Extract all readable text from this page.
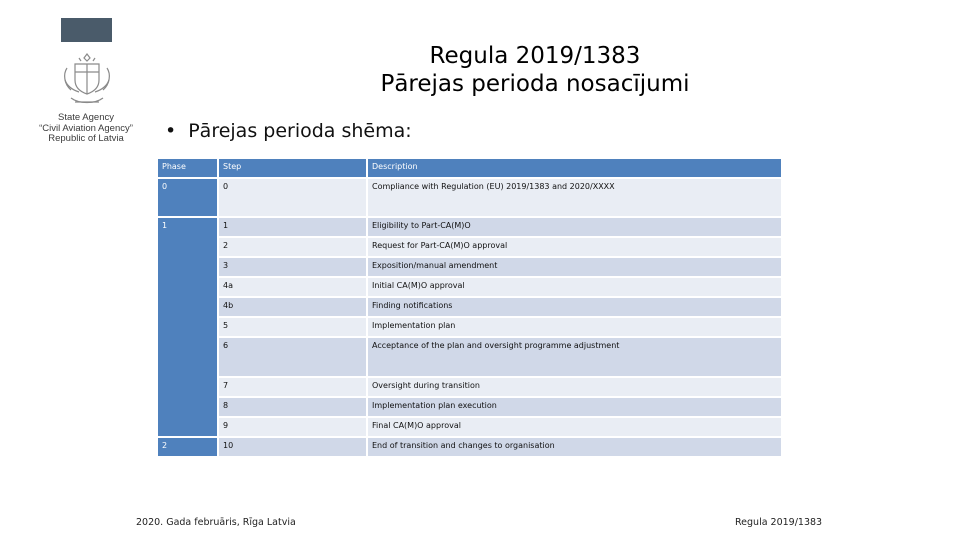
State Agency
“Civil Aviation Agency”
Republic of Latvia
Regula 2019/1383
Pārejas perioda nosacījumi
• Pārejas perioda shēma:
Phase	Step	Description
0	0	Compliance with Regulation (EU) 2019/1383 and 2020/XXXX
1	1	Eligibility to Part-CA(M)O
	2	Request for Part-CA(M)O approval
	3	Exposition/manual amendment
	4a	Initial CA(M)O approval
	4b	Finding notifications
	5	Implementation plan
	6	Acceptance of the plan and oversight programme adjustment
	7	Oversight during transition
	8	Implementation plan execution
	9	Final CA(M)O approval
2	10	End of transition and changes to organisation
2020. Gada februāris, Rīga Latvia	Regula 2019/1383
